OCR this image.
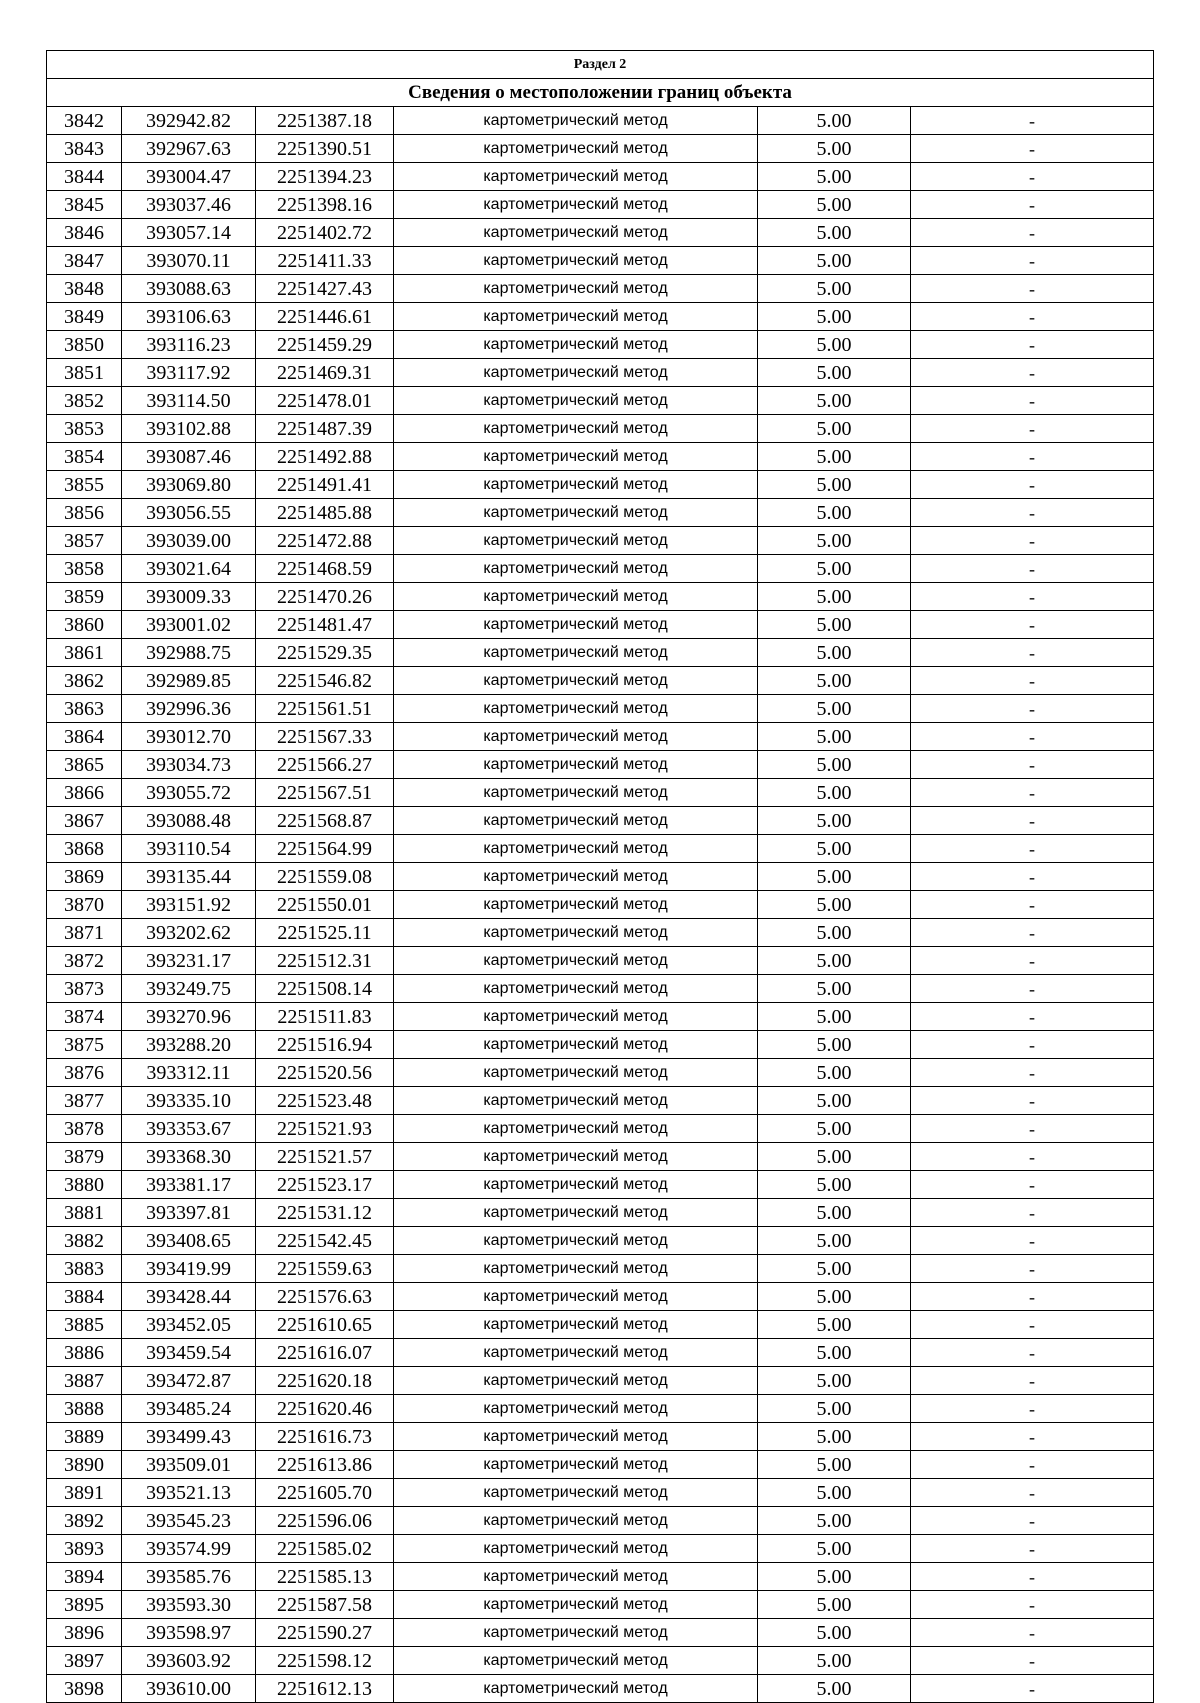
Раздел 2					
Сведения о местоположении границ объекта					
3842	392942.82	2251387.18	картометрический метод	5.00	-
3843	392967.63	2251390.51	картометрический метод	5.00	-
3844	393004.47	2251394.23	картометрический метод	5.00	-
3845	393037.46	2251398.16	картометрический метод	5.00	-
3846	393057.14	2251402.72	картометрический метод	5.00	-
3847	393070.11	2251411.33	картометрический метод	5.00	-
3848	393088.63	2251427.43	картометрический метод	5.00	-
3849	393106.63	2251446.61	картометрический метод	5.00	-
3850	393116.23	2251459.29	картометрический метод	5.00	-
3851	393117.92	2251469.31	картометрический метод	5.00	-
3852	393114.50	2251478.01	картометрический метод	5.00	-
3853	393102.88	2251487.39	картометрический метод	5.00	-
3854	393087.46	2251492.88	картометрический метод	5.00	-
3855	393069.80	2251491.41	картометрический метод	5.00	-
3856	393056.55	2251485.88	картометрический метод	5.00	-
3857	393039.00	2251472.88	картометрический метод	5.00	-
3858	393021.64	2251468.59	картометрический метод	5.00	-
3859	393009.33	2251470.26	картометрический метод	5.00	-
3860	393001.02	2251481.47	картометрический метод	5.00	-
3861	392988.75	2251529.35	картометрический метод	5.00	-
3862	392989.85	2251546.82	картометрический метод	5.00	-
3863	392996.36	2251561.51	картометрический метод	5.00	-
3864	393012.70	2251567.33	картометрический метод	5.00	-
3865	393034.73	2251566.27	картометрический метод	5.00	-
3866	393055.72	2251567.51	картометрический метод	5.00	-
3867	393088.48	2251568.87	картометрический метод	5.00	-
3868	393110.54	2251564.99	картометрический метод	5.00	-
3869	393135.44	2251559.08	картометрический метод	5.00	-
3870	393151.92	2251550.01	картометрический метод	5.00	-
3871	393202.62	2251525.11	картометрический метод	5.00	-
3872	393231.17	2251512.31	картометрический метод	5.00	-
3873	393249.75	2251508.14	картометрический метод	5.00	-
3874	393270.96	2251511.83	картометрический метод	5.00	-
3875	393288.20	2251516.94	картометрический метод	5.00	-
3876	393312.11	2251520.56	картометрический метод	5.00	-
3877	393335.10	2251523.48	картометрический метод	5.00	-
3878	393353.67	2251521.93	картометрический метод	5.00	-
3879	393368.30	2251521.57	картометрический метод	5.00	-
3880	393381.17	2251523.17	картометрический метод	5.00	-
3881	393397.81	2251531.12	картометрический метод	5.00	-
3882	393408.65	2251542.45	картометрический метод	5.00	-
3883	393419.99	2251559.63	картометрический метод	5.00	-
3884	393428.44	2251576.63	картометрический метод	5.00	-
3885	393452.05	2251610.65	картометрический метод	5.00	-
3886	393459.54	2251616.07	картометрический метод	5.00	-
3887	393472.87	2251620.18	картометрический метод	5.00	-
3888	393485.24	2251620.46	картометрический метод	5.00	-
3889	393499.43	2251616.73	картометрический метод	5.00	-
3890	393509.01	2251613.86	картометрический метод	5.00	-
3891	393521.13	2251605.70	картометрический метод	5.00	-
3892	393545.23	2251596.06	картометрический метод	5.00	-
3893	393574.99	2251585.02	картометрический метод	5.00	-
3894	393585.76	2251585.13	картометрический метод	5.00	-
3895	393593.30	2251587.58	картометрический метод	5.00	-
3896	393598.97	2251590.27	картометрический метод	5.00	-
3897	393603.92	2251598.12	картометрический метод	5.00	-
3898	393610.00	2251612.13	картометрический метод	5.00	-
